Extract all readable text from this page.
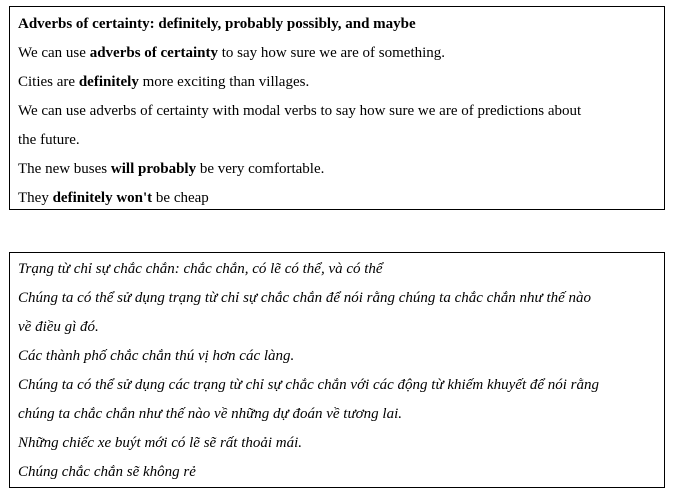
Adverbs of certainty: definitely, probably possibly, and maybe
We can use adverbs of certainty to say how sure we are of something.
Cities are definitely more exciting than villages.
We can use adverbs of certainty with modal verbs to say how sure we are of predictions about
the future.
The new buses will probably be very comfortable.
They definitely won't be cheap
Trạng từ chỉ sự chắc chắn: chắc chắn, có lẽ có thể, và có thể
Chúng ta có thể sử dụng trạng từ chỉ sự chắc chắn để nói rằng chúng ta chắc chắn như thế nào
về điều gì đó.
Các thành phố chắc chắn thú vị hơn các làng.
Chúng ta có thể sử dụng các trạng từ chỉ sự chắc chắn với các động từ khiếm khuyết để nói rằng
chúng ta chắc chắn như thế nào về những dự đoán về tương lai.
Những chiếc xe buýt mới có lẽ sẽ rất thoải mái.
Chúng chắc chắn sẽ không rẻ
